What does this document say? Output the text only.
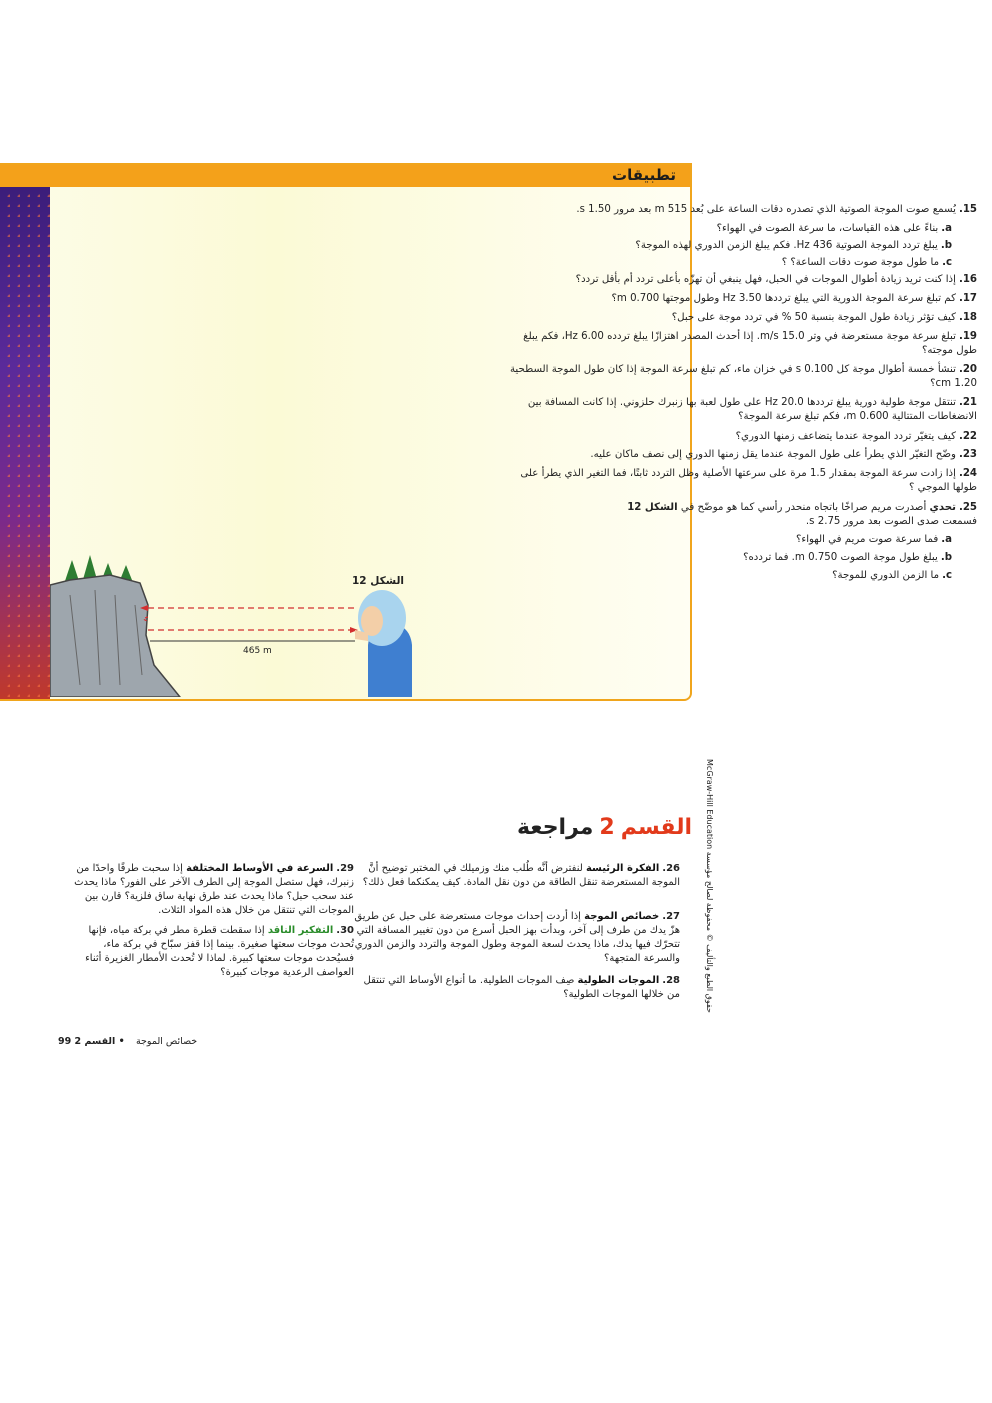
تطبيقات
15.يُسمع صوت الموجة الصوتية الذي تصدره دقات الساعة على بُعد 515 m بعد مرور 1.50 s.
a.بناءً على هذه القياسات، ما سرعة الصوت في الهواء؟
b.يبلغ تردد الموجة الصوتية 436 Hz. فكم يبلغ الزمن الدوري لهذه الموجة؟
c.ما طول موجة صوت دقات الساعة؟ ؟
16.إذا كنت تريد زيادة أطوال الموجات في الحبل، فهل ينبغي أن تهزّه بأعلى تردد أم بأقل تردد؟
17.كم تبلغ سرعة الموجة الدورية التي يبلغ ترددها 3.50 Hz وطول موجتها 0.700 m؟
18.كيف تؤثر زيادة طول الموجة بنسبة 50 % في تردد موجة على حبل؟
19.تبلغ سرعة موجة مستعرضة في وتر 15.0 m/s. إذا أحدث المصدر اهتزازًا يبلغ تردده 6.00 Hz، فكم يبلغ طول موجته؟
20.تنشأ خمسة أطوال موجة كل 0.100 s في خزان ماء، كم تبلغ سرعة الموجة إذا كان طول الموجة السطحية 1.20 cm؟
21.تنتقل موجة طولية دورية يبلغ ترددها 20.0 Hz على طول لعبة بها زنبرك حلزوني. إذا كانت المسافة بين الانضغاطات المتتالية 0.600 m، فكم تبلغ سرعة الموجة؟
22.كيف يتغيّر تردد الموجة عندما يتضاعف زمنها الدوري؟
23.وضّح التغيّر الذي يطرأ على طول الموجة عندما يقل زمنها الدوري إلى نصف ماكان عليه.
24.إذا زادت سرعة الموجة بمقدار 1.5 مرة على سرعتها الأصلية وظل التردد ثابتًا، فما التغير الذي يطرأ على طولها الموجي ؟
25.تحدي أصدرت مريم صراخًا باتجاه منحدر رأسي كما هو موضّح في الشكل 12
فسمعت صدى الصوت بعد مرور 2.75 s.
a.فما سرعة صوت مريم في الهواء؟
b.يبلغ طول موجة الصوت 0.750 m. فما تردده؟
c.ما الزمن الدوري للموجة؟
الشكل 12
465 m
حقوق الطبع والتأليف © محفوظة لصالح مؤسسة McGraw-Hill Education
القسم2مراجعة
26.الفكرة الرئيسة لنفترض أنَّه طُلب منك وزميلك في المختبر توضيح أنَّ الموجة المستعرضة تنقل الطاقة من دون نقل المادة. كيف يمكنكما فعل ذلك؟
27.خصائص الموجة إذا أردت إحداث موجات مستعرضة على حبل عن طريق هزّ يدك من طرف إلى آخر، وبدأت بهز الحبل أسرع من دون تغيير المسافة التي تتحرّك فيها يدك، ماذا يحدث لسعة الموجة وطول الموجة والتردد والزمن الدوري والسرعة المتجهة؟
28.الموجات الطولية صِف الموجات الطولية. ما أنواع الأوساط التي تنتقل من خلالها الموجات الطولية؟
29.السرعة في الأوساط المختلفة إذا سحبت طرفًا واحدًا من زنبرك، فهل ستصل الموجة إلى الطرف الآخر على الفور؟ ماذا يحدث عند سحب حبل؟ ماذا يحدث عند طرق نهاية ساق فلزية؟ قارن بين الموجات التي تنتقل من خلال هذه المواد الثلاث.
30.التفكير الناقد إذا سقطت قطرة مطر في بركة مياه، فإنها تُحدث موجات سعتها صغيرة. بينما إذا قفز سبّاح في بركة ماء، فسيُحدث موجات سعتها كبيرة. لماذا لا تُحدث الأمطار الغزيرة أثناء العواصف الرعدية موجات كبيرة؟
99	خصائص الموجة • القسم 2
